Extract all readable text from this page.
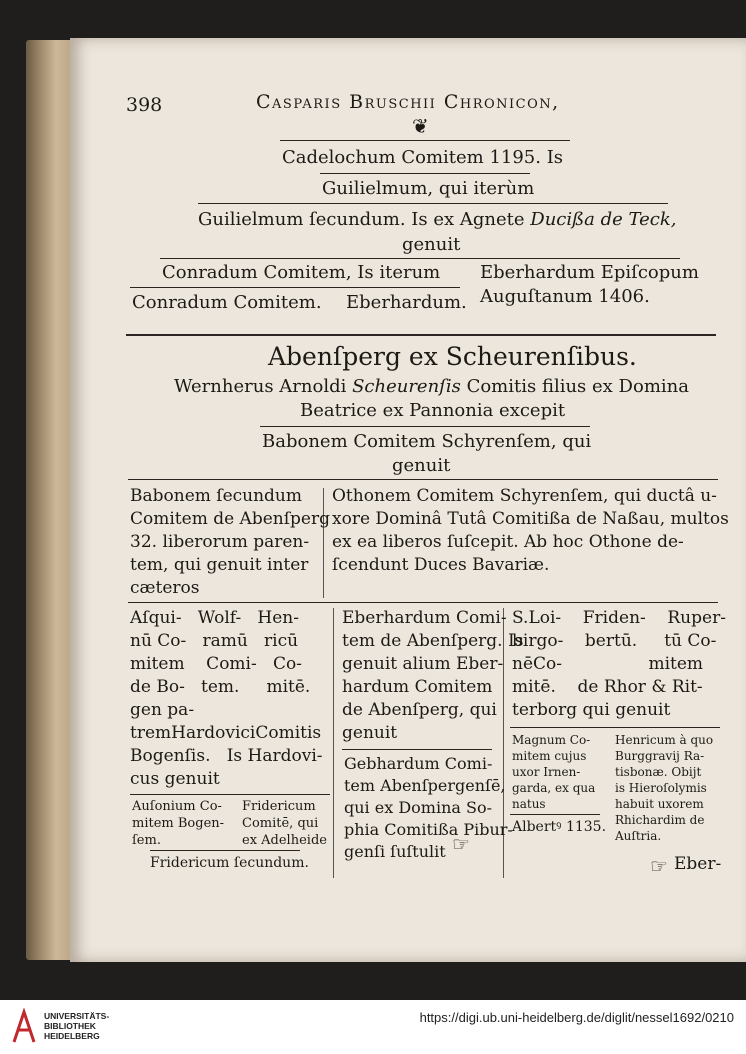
398	Casparis Bruschii Chronicon,
❦
Cadelochum Comitem 1195. Is
Guilielmum, qui iterùm
Guilielmum ſecundum. Is ex Agnete Ducißa de Teck,
genuit
Conradum Comitem, Is iterum Eberhardum Epiſcopum
Conradum Comitem. Eberhardum. Auguſtanum 1406.
Abenſperg ex Scheurenſibus.
Wernherus Arnoldi Scheurenſis Comitis filius ex Domina
Beatrice ex Pannonia excepit
Babonem Comitem Schyrenſem, qui
genuit
Babonem ſecundum
Comitem de Abenſperg
32. liberorum paren-
tem, qui genuit inter
cæteros
Othonem Comitem Schyrenſem, qui ductâ u-
xore Dominâ Tutâ Comitißa de Naßau, multos
ex ea liberos ſuſcepit. Ab hoc Othone de-
ſcendunt Duces Bavariæ.
Aſqui-   Wolf-   Hen-
nū Co-   ramū   ricū
mitem    Comi-   Co-
de Bo-   tem.     mitē.
gen pa-
tremHardoviciComitis
Bogenſis.   Is Hardovi-
cus genuit
Eberhardum Comi-
tem de Abenſperg. Is
genuit alium Eber-
hardum Comitem
de Abenſperg, qui
genuit
S.Loi-    Friden-    Ruper-
birgo-    bertū.     tū Co-
nēCo-                mitem
mitē.    de Rhor & Rit-
terborg qui genuit
Auſonium Co-
mitem Bogen-
ſem.
Fridericum
Comitē, qui
ex Adelheide
Fridericum ſecundum.
Gebhardum Comi-
tem Abenſpergenſē,
qui ex Domina So-
phia Comitißa Pibur-
genſi ſuſtulit
Magnum Co-
mitem cujus
uxor Irnen-
garda, ex qua
natus
Henricum à quo
Burggravij Ra-
tisbonæ. Obijt
is Hieroſolymis
habuit uxorem
Rhichardim de
Auſtria.
Albertꝰ 1135.
☞
☞ Eber-
UNIVERSITÄTS-
BIBLIOTHEK
HEIDELBERG
https://digi.ub.uni-heidelberg.de/diglit/nessel1692/0210
